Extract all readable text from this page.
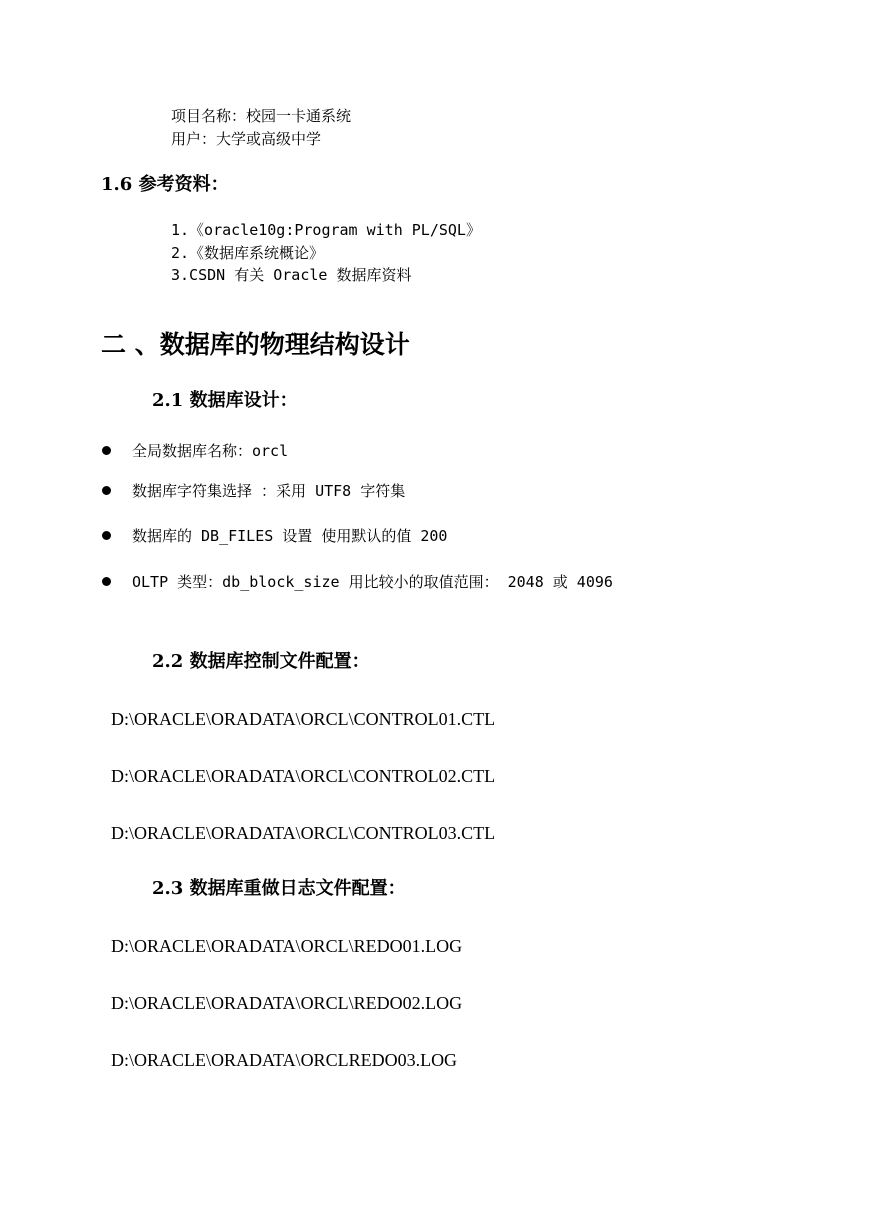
项目名称：校园一卡通系统
用户：大学或高级中学
1.6 参考资料：
1.《oracle10g:Program with PL/SQL》
2.《数据库系统概论》
3.CSDN 有关 Oracle 数据库资料
二 、数据库的物理结构设计
2.1 数据库设计：
全局数据库名称：orcl
数据库字符集选择 ：采用 UTF8 字符集
数据库的 DB_FILES 设置 使用默认的值 200
OLTP 类型：db_block_size 用比较小的取值范围： 2048 或 4096
2.2 数据库控制文件配置：
D:\ORACLE\ORADATA\ORCL\CONTROL01.CTL
D:\ORACLE\ORADATA\ORCL\CONTROL02.CTL
D:\ORACLE\ORADATA\ORCL\CONTROL03.CTL
2.3 数据库重做日志文件配置：
D:\ORACLE\ORADATA\ORCL\REDO01.LOG
D:\ORACLE\ORADATA\ORCL\REDO02.LOG
D:\ORACLE\ORADATA\ORCLREDO03.LOG
